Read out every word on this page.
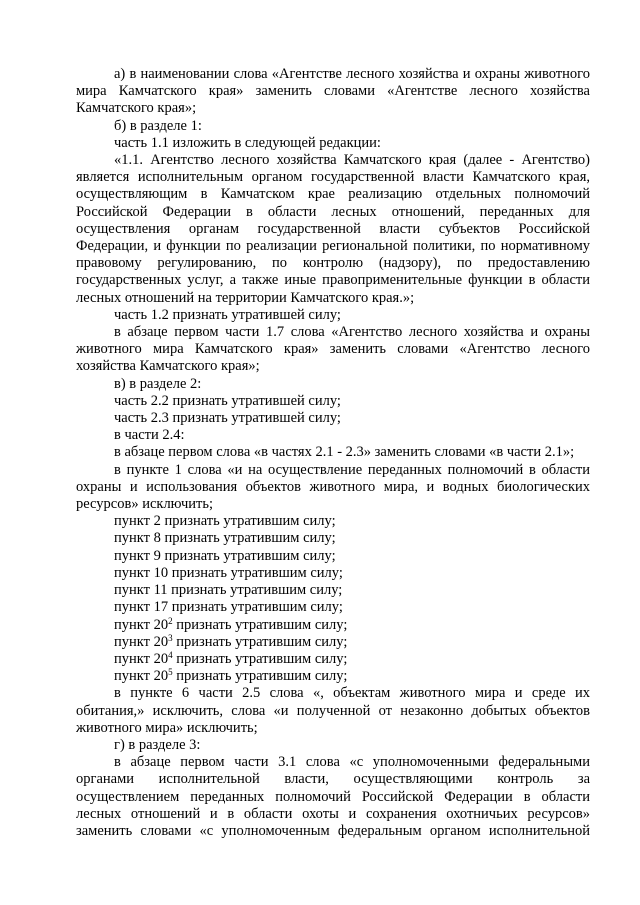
а) в наименовании слова «Агентстве лесного хозяйства и охраны животного мира Камчатского края» заменить словами «Агентстве лесного хозяйства Камчатского края»;

б) в разделе 1:

часть 1.1 изложить в следующей редакции:

«1.1. Агентство лесного хозяйства Камчатского края (далее - Агентство) является исполнительным органом государственной власти Камчатского края, осуществляющим в Камчатском крае реализацию отдельных полномочий Российской Федерации в области лесных отношений, переданных для осуществления органам государственной власти субъектов Российской Федерации, и функции по реализации региональной политики, по нормативному правовому регулированию, по контролю (надзору), по предоставлению государственных услуг, а также иные правоприменительные функции в области лесных отношений на территории Камчатского края.»;

часть 1.2 признать утратившей силу;

в абзаце первом части 1.7 слова «Агентство лесного хозяйства и охраны животного мира Камчатского края» заменить словами «Агентство лесного хозяйства Камчатского края»;

в) в разделе 2:

часть 2.2 признать утратившей силу;

часть 2.3 признать утратившей силу;

в части 2.4:

в абзаце первом слова «в частях 2.1 - 2.3» заменить словами «в части 2.1»;

в пункте 1 слова «и на осуществление переданных полномочий в области охраны и использования объектов животного мира, и водных биологических ресурсов» исключить;

пункт 2 признать утратившим силу;

пункт 8 признать утратившим силу;

пункт 9 признать утратившим силу;

пункт 10 признать утратившим силу;

пункт 11 признать утратившим силу;

пункт 17 признать утратившим силу;

пункт $20^2$ признать утратившим силу;

пункт $20^3$ признать утратившим силу;

пункт $20^4$ признать утратившим силу;

пункт $20^5$ признать утратившим силу;

в пункте 6 части 2.5 слова «, объектам животного мира и среде их обитания,» исключить, слова «и полученной от незаконно добытых объектов животного мира» исключить;

г) в разделе 3:

в абзаце первом части 3.1 слова «с уполномоченными федеральными органами исполнительной власти, осуществляющими контроль за осуществлением переданных полномочий Российской Федерации в области лесных отношений и в области охоты и сохранения охотничьих ресурсов» заменить словами «с уполномоченным федеральным органом исполнительной
